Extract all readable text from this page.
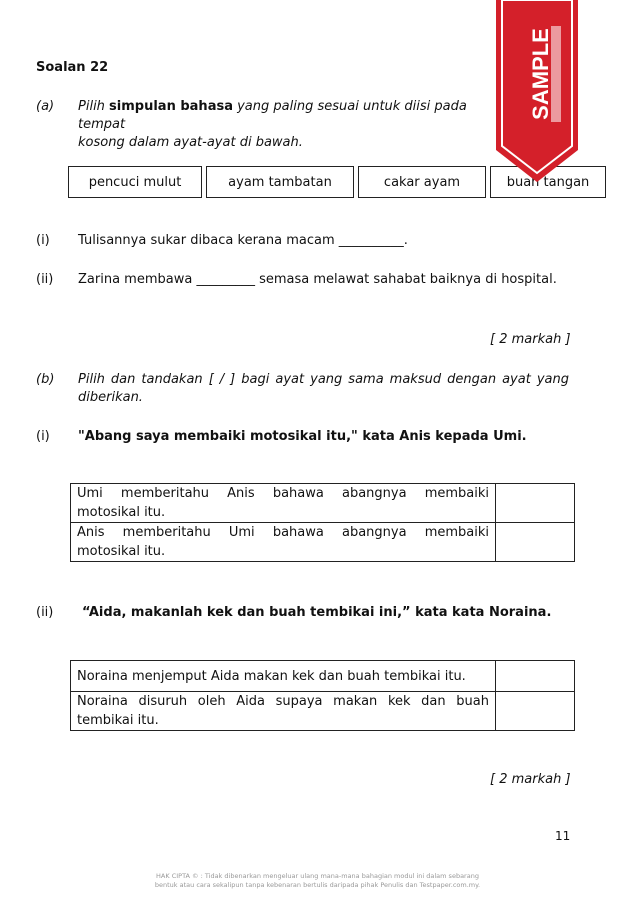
Soalan 22
(a) Pilih simpulan bahasa yang paling sesuai untuk diisi pada tempat
kosong dalam ayat-ayat di bawah.
pencuci mulut	ayam tambatan	cakar ayam	buah tangan
(i) Tulisannya sukar dibaca kerana macam __________.
(ii) Zarina membawa _________ semasa melawat sahabat baiknya di hospital.
[ 2 markah ]
(b) Pilih dan tandakan [ / ] bagi ayat yang sama maksud dengan ayat yang
diberikan.
(i) "Abang saya membaiki motosikal itu," kata Anis kepada Umi.
Umi memberitahu Anis bahawa abangnya membaiki
motosikal itu.	

Anis memberitahu Umi bahawa abangnya membaiki
motosikal itu.	

(ii) “Aida, makanlah kek dan buah tembikai ini,” kata kata Noraina.
Noraina menjemput Aida makan kek dan buah tembikai itu.	

Noraina disuruh oleh Aida supaya makan kek dan buah
tembikai itu.	

[ 2 markah ]
11
HAK CIPTA © : Tidak dibenarkan mengeluar ulang mana-mana bahagian modul ini dalam sebarang
bentuk atau cara sekalipun tanpa kebenaran bertulis daripada pihak Penulis dan Testpaper.com.my.
SAMPLE
